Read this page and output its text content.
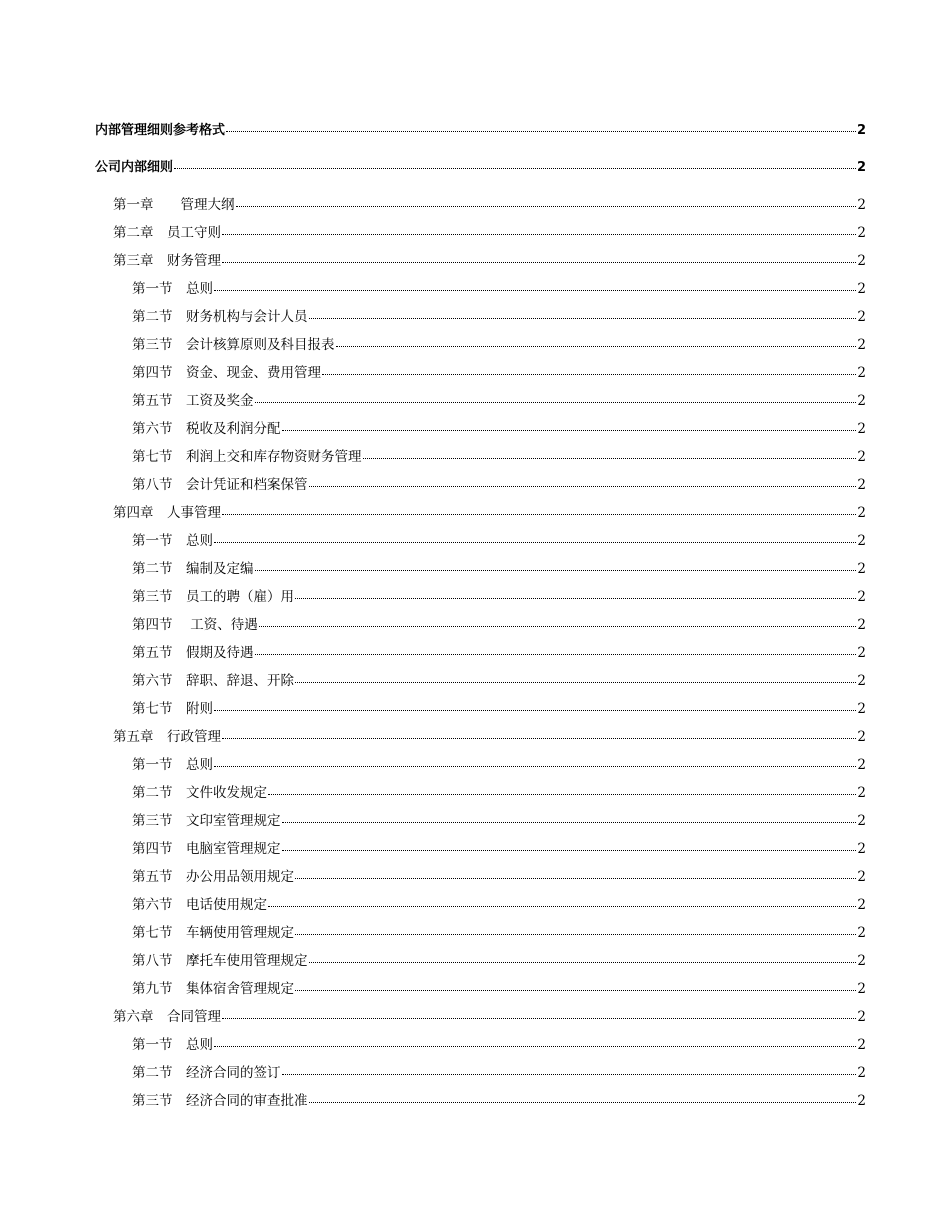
内部管理细则参考格式	2
公司内部细则	2
第一章　　管理大纲	2
第二章　员工守则	2
第三章　财务管理	2
第一节　总则	2
第二节　财务机构与会计人员	2
第三节　会计核算原则及科目报表	2
第四节　资金、现金、费用管理	2
第五节　工资及奖金	2
第六节　税收及利润分配	2
第七节　利润上交和库存物资财务管理	2
第八节　会计凭证和档案保管	2
第四章　人事管理	2
第一节　总则	2
第二节　编制及定编	2
第三节　员工的聘（雇）用	2
第四节　 工资、待遇	2
第五节　假期及待遇	2
第六节　辞职、辞退、开除	2
第七节　附则	2
第五章　行政管理	2
第一节　总则	2
第二节　文件收发规定	2
第三节　文印室管理规定	2
第四节　电脑室管理规定	2
第五节　办公用品领用规定	2
第六节　电话使用规定	2
第七节　车辆使用管理规定	2
第八节　摩托车使用管理规定	2
第九节　集体宿舍管理规定	2
第六章　合同管理	2
第一节　总则	2
第二节　经济合同的签订	2
第三节　经济合同的审查批准	2
